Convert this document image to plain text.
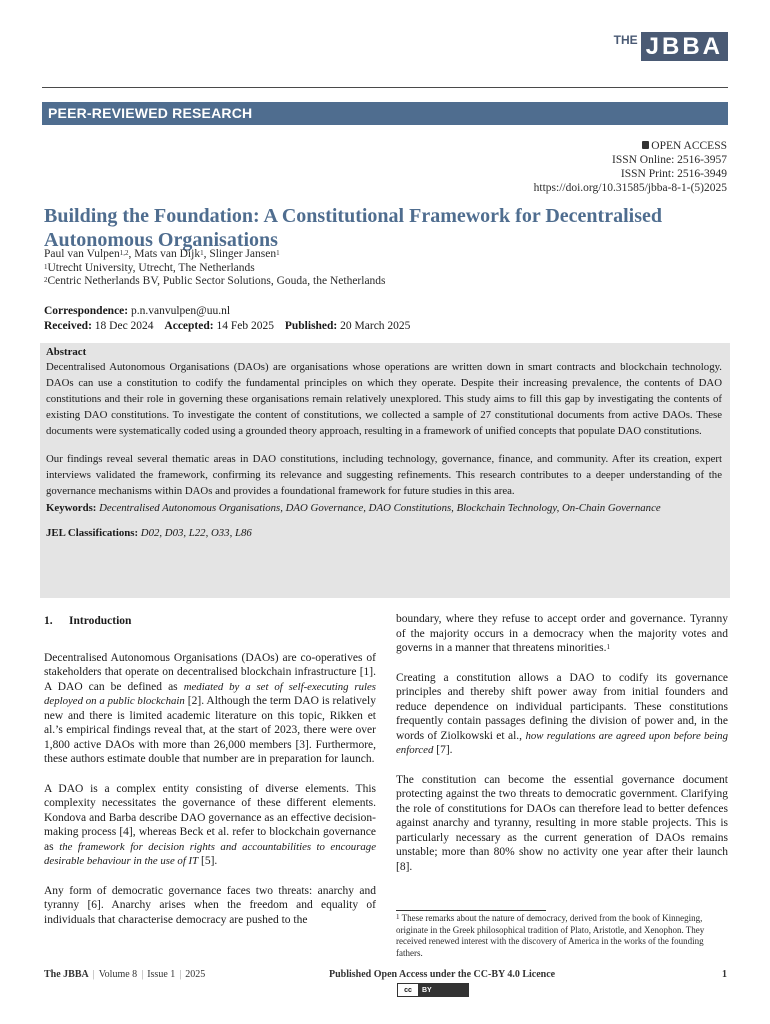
THE JBBA
PEER-REVIEWED RESEARCH
OPEN ACCESS
ISSN Online: 2516-3957
ISSN Print: 2516-3949
https://doi.org/10.31585/jbba-8-1-(5)2025
Building the Foundation: A Constitutional Framework for Decentralised Autonomous Organisations
Paul van Vulpen$^{1,2}$, Mats van Dijk$^1$, Slinger Jansen$^1$
$^1$Utrecht University, Utrecht, The Netherlands
$^2$Centric Netherlands BV, Public Sector Solutions, Gouda, the Netherlands
Correspondence: p.n.vanvulpen@uu.nl
Received: 18 Dec 2024 Accepted: 14 Feb 2025 Published: 20 March 2025
Abstract

Decentralised Autonomous Organisations (DAOs) are organisations whose operations are written down in smart contracts and blockchain technology. DAOs can use a constitution to codify the fundamental principles on which they operate. Despite their increasing prevalence, the contents of DAO constitutions and their role in governing these organisations remain relatively unexplored. This study aims to fill this gap by investigating the contents of existing DAO constitutions. To investigate the content of constitutions, we collected a sample of 27 constitutional documents from active DAOs. These documents were systematically coded using a grounded theory approach, resulting in a framework of unified concepts that populate DAO constitutions.

Our findings reveal several thematic areas in DAO constitutions, including technology, governance, finance, and community. After its creation, expert interviews validated the framework, confirming its relevance and suggesting refinements. This research contributes to a deeper understanding of the governance mechanisms within DAOs and provides a foundational framework for future studies in this area.

Keywords: Decentralised Autonomous Organisations, DAO Governance, DAO Constitutions, Blockchain Technology, On-Chain Governance
JEL Classifications: D02, D03, L22, O33, L86
1. Introduction

Decentralised Autonomous Organisations (DAOs) are co-operatives of stakeholders that operate on decentralised blockchain infrastructure [1]. A DAO can be defined as mediated by a set of self-executing rules deployed on a public blockchain [2]. Although the term DAO is relatively new and there is limited academic literature on this topic, Rikken et al.’s empirical findings reveal that, at the start of 2023, there were over 1,800 active DAOs with more than 26,000 members [3]. Furthermore, these authors estimate double that number are in preparation for launch.

A DAO is a complex entity consisting of diverse elements. This complexity necessitates the governance of these different elements. Kondova and Barba describe DAO governance as an effective decision-making process [4], whereas Beck et al. refer to blockchain governance as the framework for decision rights and accountabilities to encourage desirable behaviour in the use of IT [5].

Any form of democratic governance faces two threats: anarchy and tyranny [6]. Anarchy arises when the freedom and equality of individuals that characterise democracy are pushed to the

boundary, where they refuse to accept order and governance. Tyranny of the majority occurs in a democracy when the majority votes and governs in a manner that threatens minorities.$^1$

Creating a constitution allows a DAO to codify its governance principles and thereby shift power away from initial founders and reduce dependence on individual participants. These constitutions frequently contain passages defining the division of power and, in the words of Ziolkowski et al., how regulations are agreed upon before being enforced [7].

The constitution can become the essential governance document protecting against the two threats to democratic government. Clarifying the role of constitutions for DAOs can therefore lead to better defences against anarchy and tyranny, resulting in more stable projects. This is particularly necessary as the current generation of DAOs remains unstable; more than 80% show no activity one year after their launch [8].

$^1$ These remarks about the nature of democracy, derived from the book of Kinneging, originate in the Greek philosophical tradition of Plato, Aristotle, and Xenophon. They received renewed interest with the discovery of America in the works of the founding fathers.
The JBBA | Volume 8 | Issue 1 | 2025	Published Open Access under the CC-BY 4.0 Licence	1
cc	BY
